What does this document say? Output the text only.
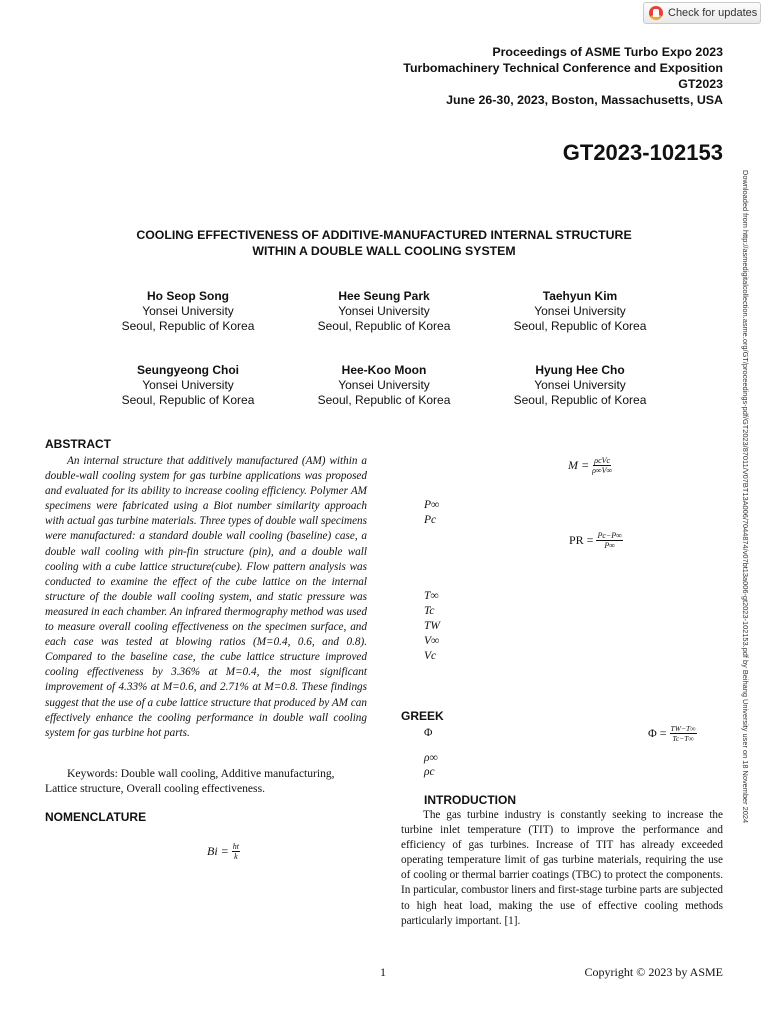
Check for updates
Proceedings of ASME Turbo Expo 2023
Turbomachinery Technical Conference and Exposition
GT2023
June 26-30, 2023, Boston, Massachusetts, USA
GT2023-102153
Downloaded from http://asmedigitalcollection.asme.org/GT/proceedings-pdf/GT2023/87011/V07BT13A006/7044874/v07bt13a006-gt2023-102153.pdf by Beihang University user on 18 November 2024
COOLING EFFECTIVENESS OF ADDITIVE-MANUFACTURED INTERNAL STRUCTURE
WITHIN A DOUBLE WALL COOLING SYSTEM
Ho Seop Song
Yonsei University
Seoul, Republic of Korea
Hee Seung Park
Yonsei University
Seoul, Republic of Korea
Taehyun Kim
Yonsei University
Seoul, Republic of Korea
Seungyeong Choi
Yonsei University
Seoul, Republic of Korea
Hee-Koo Moon
Yonsei University
Seoul, Republic of Korea
Hyung Hee Cho
Yonsei University
Seoul, Republic of Korea
ABSTRACT
An internal structure that additively manufactured (AM) within a double-wall cooling system for gas turbine applications was proposed and evaluated for its ability to increase cooling efficiency. Polymer AM specimens were fabricated using a Biot number similarity approach with actual gas turbine materials. Three types of double wall specimens were manufactured: a standard double wall cooling (baseline) case, a double wall cooling with pin-fin structure (pin), and a double wall cooling with a cube lattice structure(cube). Flow pattern analysis was conducted to examine the effect of the cube lattice on the internal structure of the double wall cooling system, and static pressure was measured in each chamber. An infrared thermography method was used to measure overall cooling effectiveness on the specimen surface, and each case was tested at blowing ratios (M=0.4, 0.6, and 0.8). Compared to the baseline case, the cube lattice structure improved cooling effectiveness by 3.36% at M=0.4, the most significant improvement of 4.33% at M=0.6, and 2.71% at M=0.8. These findings suggest that the use of a cube lattice structure that produced by AM can effectively enhance the cooling performance in double wall cooling system for gas turbine hot parts.
Keywords: Double wall cooling, Additive manufacturing, Lattice structure, Overall cooling effectiveness.
NOMENCLATURE
$Bi = \frac{ht}{k}$
$M = \frac{\text{ρcVc}}{\rho\infty V\infty}$
P∞
Pc
PR = $\frac{Pc-P\infty}{P\infty}$
T∞
Tc
TW
V∞
Vc
GREEK
Φ	$\Phi = \frac{TW-T\infty}{Tc-T\infty}$
ρ∞
ρc
INTRODUCTION
The gas turbine industry is constantly seeking to increase the turbine inlet temperature (TIT) to improve the performance and efficiency of gas turbines. Increase of TIT has already exceeded operating temperature limit of gas turbine materials, requiring the use of cooling or thermal barrier coatings (TBC) to protect the components. In particular, combustor liners and first-stage turbine parts are subjected to high heat load, making the use of effective cooling methods particularly important. [1].
1	Copyright © 2023 by ASME
